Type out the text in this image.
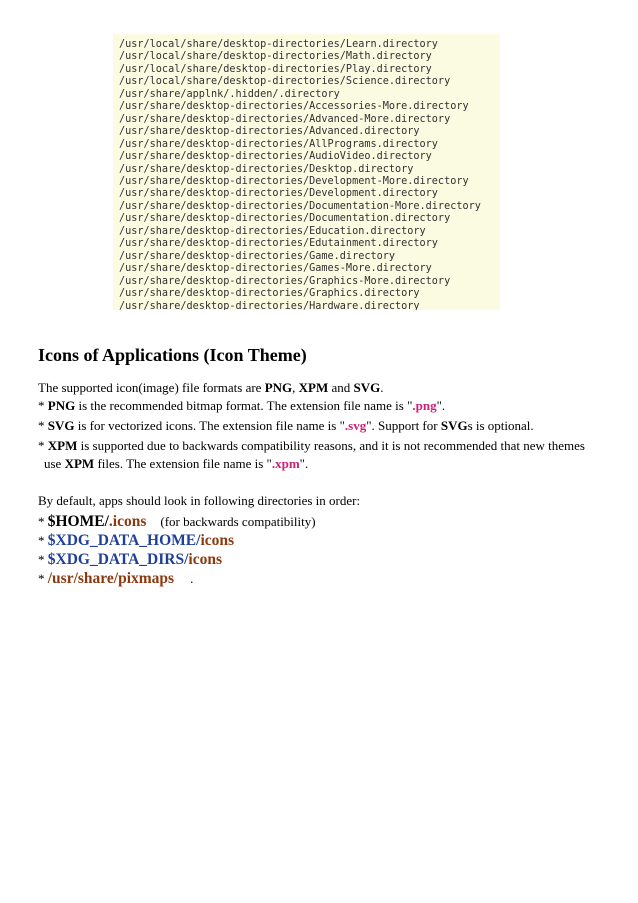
/usr/local/share/desktop-directories/Learn.directory
/usr/local/share/desktop-directories/Math.directory
/usr/local/share/desktop-directories/Play.directory
/usr/local/share/desktop-directories/Science.directory
/usr/share/applnk/.hidden/.directory
/usr/share/desktop-directories/Accessories-More.directory
/usr/share/desktop-directories/Advanced-More.directory
/usr/share/desktop-directories/Advanced.directory
/usr/share/desktop-directories/AllPrograms.directory
/usr/share/desktop-directories/AudioVideo.directory
/usr/share/desktop-directories/Desktop.directory
/usr/share/desktop-directories/Development-More.directory
/usr/share/desktop-directories/Development.directory
/usr/share/desktop-directories/Documentation-More.directory
/usr/share/desktop-directories/Documentation.directory
/usr/share/desktop-directories/Education.directory
/usr/share/desktop-directories/Edutainment.directory
/usr/share/desktop-directories/Game.directory
/usr/share/desktop-directories/Games-More.directory
/usr/share/desktop-directories/Graphics-More.directory
/usr/share/desktop-directories/Graphics.directory
/usr/share/desktop-directories/Hardware.directory
Icons of Applications (Icon Theme)
The supported icon(image) file formats are PNG, XPM and SVG.
* PNG is the recommended bitmap format. The extension file name is ".png".
* SVG is for vectorized icons. The extension file name is ".svg". Support for SVGs is optional.
* XPM is supported due to backwards compatibility reasons, and it is not recommended that new themes
use XPM files. The extension file name is ".xpm".
By default, apps should look in following directories in order:
* $HOME/.icons (for backwards compatibility)
* $XDG_DATA_HOME/icons
* $XDG_DATA_DIRS/icons
* /usr/share/pixmaps .
